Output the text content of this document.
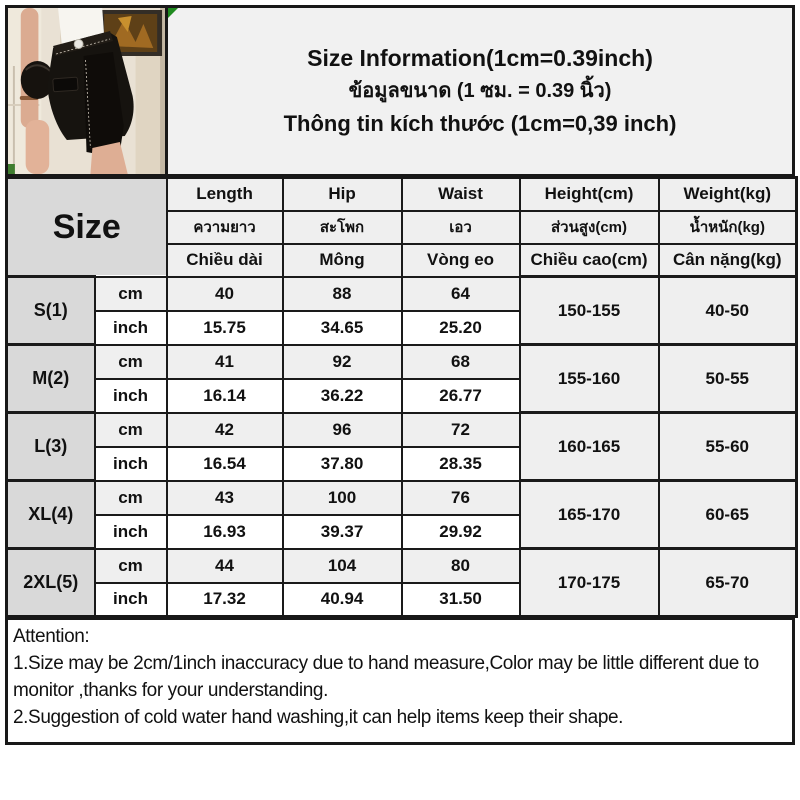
Size Information(1cm=0.39inch)
ข้อมูลขนาด (1 ซม. = 0.39 นิ้ว)
Thông tin kích thước (1cm=0,39 inch)
Size		Length	Hip	Waist	Height(cm)	Weight(kg)
		ความยาว	สะโพก	เอว	ส่วนสูง(cm)	น้ำหนัก(kg)
		Chiều dài	Mông	Vòng eo	Chiều cao(cm)	Cân nặng(kg)
S(1)	cm	40	88	64	150-155	40-50
	inch	15.75	34.65	25.20		
M(2)	cm	41	92	68	155-160	50-55
	inch	16.14	36.22	26.77		
L(3)	cm	42	96	72	160-165	55-60
	inch	16.54	37.80	28.35		
XL(4)	cm	43	100	76	165-170	60-65
	inch	16.93	39.37	29.92		
2XL(5)	cm	44	104	80	170-175	65-70
	inch	17.32	40.94	31.50		
Attention:
1.Size may be 2cm/1inch inaccuracy due to hand measure,Color may be little different due to monitor ,thanks for your understanding.
2.Suggestion of cold water hand washing,it can help items keep their shape.
